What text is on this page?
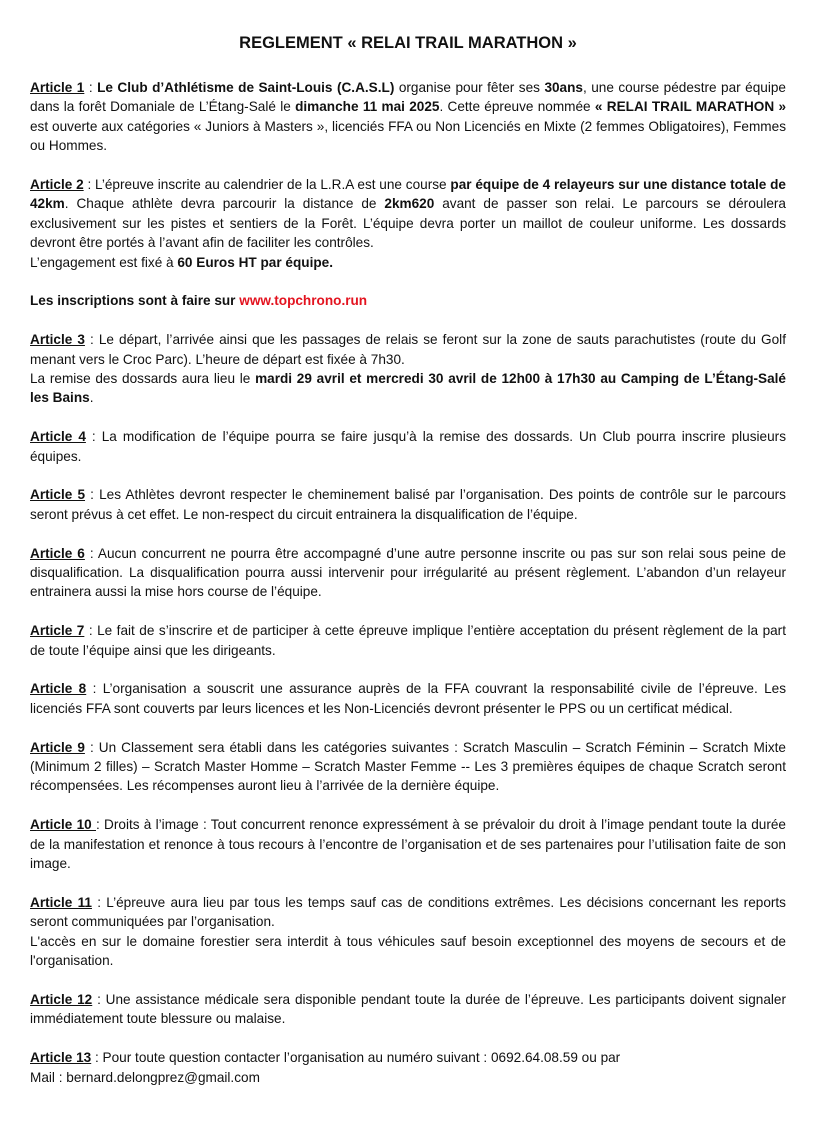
REGLEMENT « RELAI TRAIL MARATHON »

Article 1 : Le Club d’Athlétisme de Saint-Louis (C.A.S.L) organise pour fêter ses 30ans, une course pédestre par équipe dans la forêt Domaniale de L’Étang-Salé le dimanche 11 mai 2025. Cette épreuve nommée « RELAI TRAIL MARATHON » est ouverte aux catégories « Juniors à Masters », licenciés FFA ou Non Licenciés en Mixte (2 femmes Obligatoires), Femmes ou Hommes.

Article 2 : L’épreuve inscrite au calendrier de la L.R.A est une course par équipe de 4 relayeurs sur une distance totale de 42km. Chaque athlète devra parcourir la distance de 2km620 avant de passer son relai. Le parcours se déroulera exclusivement sur les pistes et sentiers de la Forêt. L’équipe devra porter un maillot de couleur uniforme. Les dossards devront être portés à l’avant afin de faciliter les contrôles.
L’engagement est fixé à 60 Euros HT par équipe.

Les inscriptions sont à faire sur www.topchrono.run

Article 3 : Le départ, l’arrivée ainsi que les passages de relais se feront sur la zone de sauts parachutistes (route du Golf menant vers le Croc Parc). L’heure de départ est fixée à 7h30.
La remise des dossards aura lieu le mardi 29 avril et mercredi 30 avril de 12h00 à 17h30 au Camping de L’Étang-Salé les Bains.

Article 4 : La modification de l’équipe pourra se faire jusqu’à la remise des dossards. Un Club pourra inscrire plusieurs équipes.

Article 5 : Les Athlètes devront respecter le cheminement balisé par l’organisation. Des points de contrôle sur le parcours seront prévus à cet effet. Le non-respect du circuit entrainera la disqualification de l’équipe.

Article 6 : Aucun concurrent ne pourra être accompagné d’une autre personne inscrite ou pas sur son relai sous peine de disqualification. La disqualification pourra aussi intervenir pour irrégularité au présent règlement. L’abandon d’un relayeur entrainera aussi la mise hors course de l’équipe.

Article 7 : Le fait de s’inscrire et de participer à cette épreuve implique l’entière acceptation du présent règlement de la part de toute l’équipe ainsi que les dirigeants.

Article 8 : L’organisation a souscrit une assurance auprès de la FFA couvrant la responsabilité civile de l’épreuve. Les licenciés FFA sont couverts par leurs licences et les Non-Licenciés devront présenter le PPS ou un certificat médical.

Article 9 : Un Classement sera établi dans les catégories suivantes : Scratch Masculin – Scratch Féminin – Scratch Mixte (Minimum 2 filles) – Scratch Master Homme – Scratch Master Femme -- Les 3 premières équipes de chaque Scratch seront récompensées. Les récompenses auront lieu à l’arrivée de la dernière équipe.

Article 10 : Droits à l’image : Tout concurrent renonce expressément à se prévaloir du droit à l’image pendant toute la durée de la manifestation et renonce à tous recours à l’encontre de l’organisation et de ses partenaires pour l’utilisation faite de son image.

Article 11 : L’épreuve aura lieu par tous les temps sauf cas de conditions extrêmes. Les décisions concernant les reports seront communiquées par l’organisation.
L'accès en sur le domaine forestier sera interdit à tous véhicules sauf besoin exceptionnel des moyens de secours et de l'organisation.

Article 12 : Une assistance médicale sera disponible pendant toute la durée de l’épreuve. Les participants doivent signaler immédiatement toute blessure ou malaise.

Article 13 : Pour toute question contacter l’organisation au numéro suivant : 0692.64.08.59 ou par
Mail : bernard.delongprez@gmail.com
